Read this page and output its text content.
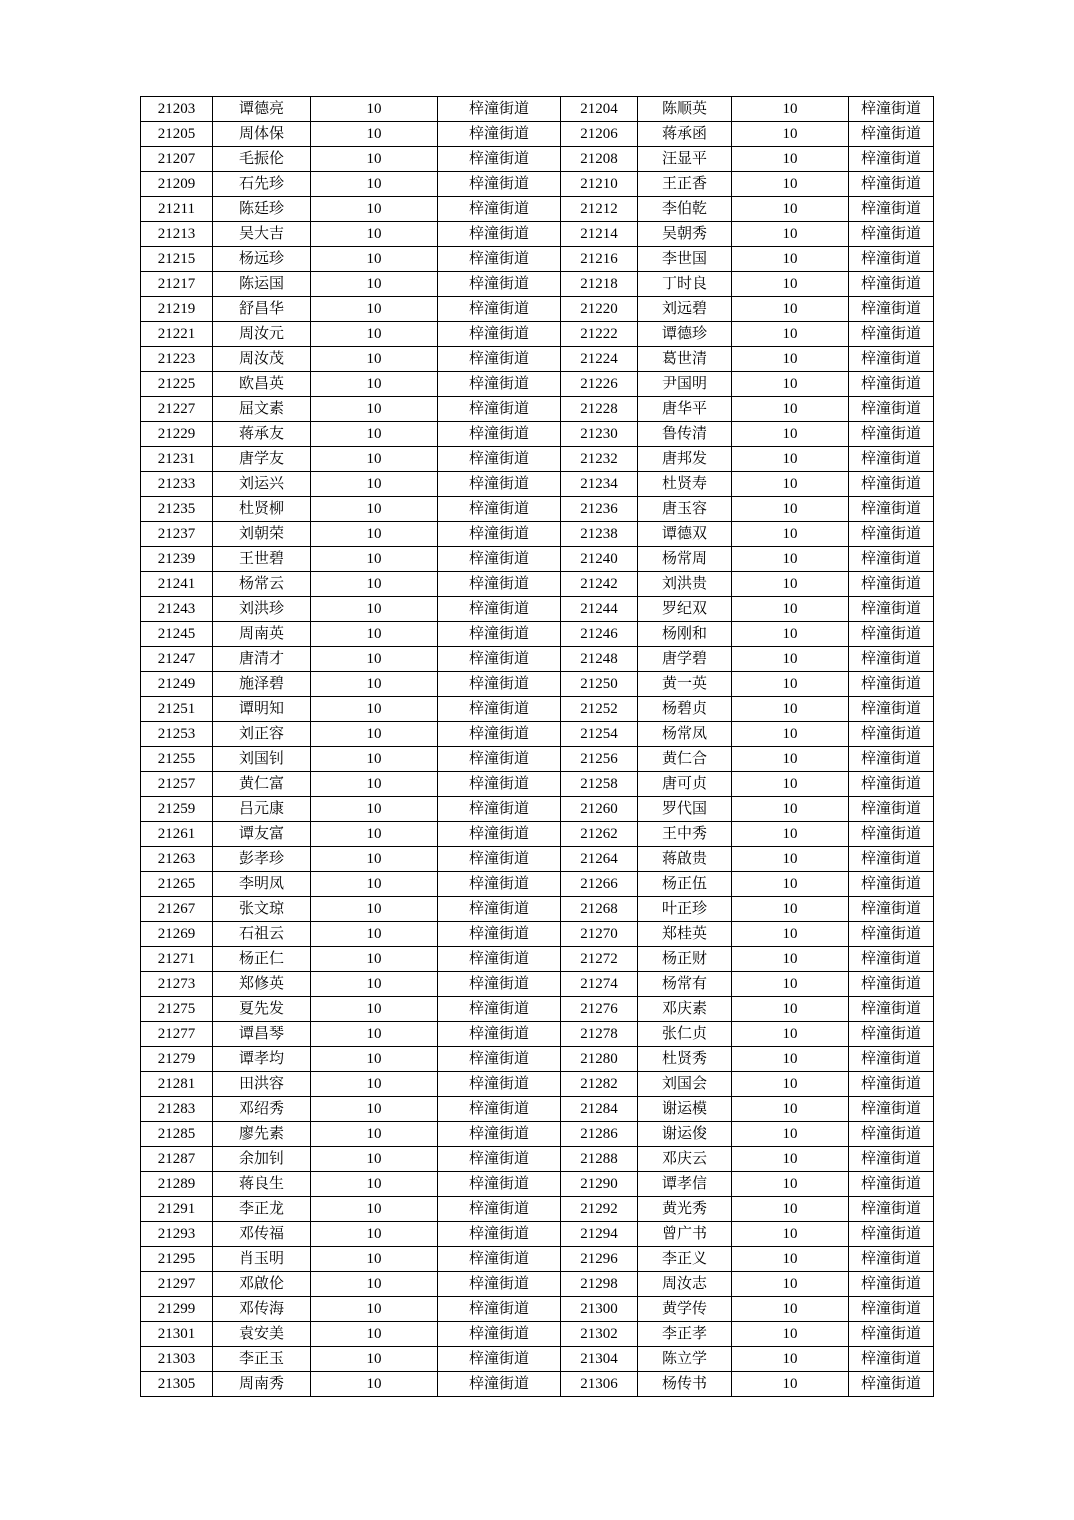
21203	谭德亮	10	梓潼街道	21204	陈顺英	10	梓潼街道
21205	周体保	10	梓潼街道	21206	蒋承函	10	梓潼街道
21207	毛振伦	10	梓潼街道	21208	汪显平	10	梓潼街道
21209	石先珍	10	梓潼街道	21210	王正香	10	梓潼街道
21211	陈廷珍	10	梓潼街道	21212	李伯乾	10	梓潼街道
21213	吴大吉	10	梓潼街道	21214	吴朝秀	10	梓潼街道
21215	杨远珍	10	梓潼街道	21216	李世国	10	梓潼街道
21217	陈运国	10	梓潼街道	21218	丁时良	10	梓潼街道
21219	舒昌华	10	梓潼街道	21220	刘远碧	10	梓潼街道
21221	周汝元	10	梓潼街道	21222	谭德珍	10	梓潼街道
21223	周汝茂	10	梓潼街道	21224	葛世清	10	梓潼街道
21225	欧昌英	10	梓潼街道	21226	尹国明	10	梓潼街道
21227	屈文素	10	梓潼街道	21228	唐华平	10	梓潼街道
21229	蒋承友	10	梓潼街道	21230	鲁传清	10	梓潼街道
21231	唐学友	10	梓潼街道	21232	唐邦发	10	梓潼街道
21233	刘运兴	10	梓潼街道	21234	杜贤寿	10	梓潼街道
21235	杜贤柳	10	梓潼街道	21236	唐玉容	10	梓潼街道
21237	刘朝荣	10	梓潼街道	21238	谭德双	10	梓潼街道
21239	王世碧	10	梓潼街道	21240	杨常周	10	梓潼街道
21241	杨常云	10	梓潼街道	21242	刘洪贵	10	梓潼街道
21243	刘洪珍	10	梓潼街道	21244	罗纪双	10	梓潼街道
21245	周南英	10	梓潼街道	21246	杨刚和	10	梓潼街道
21247	唐清才	10	梓潼街道	21248	唐学碧	10	梓潼街道
21249	施泽碧	10	梓潼街道	21250	黄一英	10	梓潼街道
21251	谭明知	10	梓潼街道	21252	杨碧贞	10	梓潼街道
21253	刘正容	10	梓潼街道	21254	杨常凤	10	梓潼街道
21255	刘国钊	10	梓潼街道	21256	黄仁合	10	梓潼街道
21257	黄仁富	10	梓潼街道	21258	唐可贞	10	梓潼街道
21259	吕元康	10	梓潼街道	21260	罗代国	10	梓潼街道
21261	谭友富	10	梓潼街道	21262	王中秀	10	梓潼街道
21263	彭孝珍	10	梓潼街道	21264	蒋啟贵	10	梓潼街道
21265	李明凤	10	梓潼街道	21266	杨正伍	10	梓潼街道
21267	张文琼	10	梓潼街道	21268	叶正珍	10	梓潼街道
21269	石祖云	10	梓潼街道	21270	郑桂英	10	梓潼街道
21271	杨正仁	10	梓潼街道	21272	杨正财	10	梓潼街道
21273	郑修英	10	梓潼街道	21274	杨常有	10	梓潼街道
21275	夏先发	10	梓潼街道	21276	邓庆素	10	梓潼街道
21277	谭昌琴	10	梓潼街道	21278	张仁贞	10	梓潼街道
21279	谭孝均	10	梓潼街道	21280	杜贤秀	10	梓潼街道
21281	田洪容	10	梓潼街道	21282	刘国会	10	梓潼街道
21283	邓绍秀	10	梓潼街道	21284	谢运模	10	梓潼街道
21285	廖先素	10	梓潼街道	21286	谢运俊	10	梓潼街道
21287	余加钊	10	梓潼街道	21288	邓庆云	10	梓潼街道
21289	蒋良生	10	梓潼街道	21290	谭孝信	10	梓潼街道
21291	李正龙	10	梓潼街道	21292	黄光秀	10	梓潼街道
21293	邓传福	10	梓潼街道	21294	曾广书	10	梓潼街道
21295	肖玉明	10	梓潼街道	21296	李正义	10	梓潼街道
21297	邓啟伦	10	梓潼街道	21298	周汝志	10	梓潼街道
21299	邓传海	10	梓潼街道	21300	黄学传	10	梓潼街道
21301	袁安美	10	梓潼街道	21302	李正孝	10	梓潼街道
21303	李正玉	10	梓潼街道	21304	陈立学	10	梓潼街道
21305	周南秀	10	梓潼街道	21306	杨传书	10	梓潼街道
